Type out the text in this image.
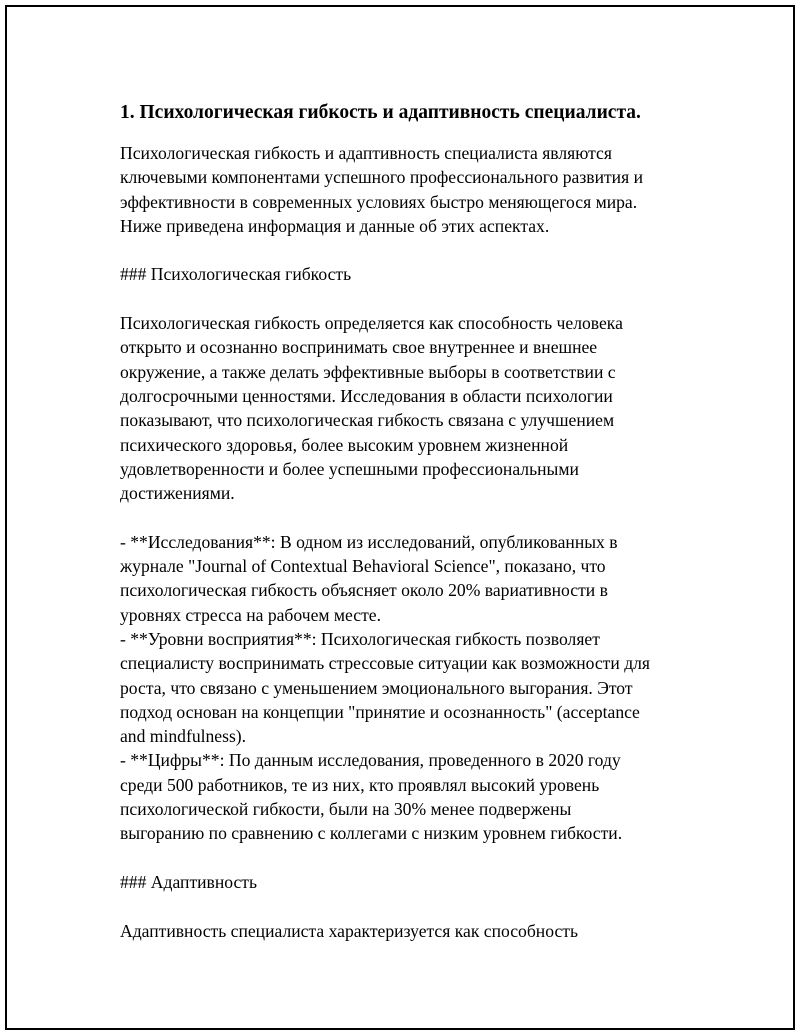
1. Психологическая гибкость и адаптивность специалиста.

Психологическая гибкость и адаптивность специалиста являются
ключевыми компонентами успешного профессионального развития и
эффективности в современных условиях быстро меняющегося мира.
Ниже приведена информация и данные об этих аспектах.

### Психологическая гибкость

Психологическая гибкость определяется как способность человека
открыто и осознанно воспринимать свое внутреннее и внешнее
окружение, а также делать эффективные выборы в соответствии с
долгосрочными ценностями. Исследования в области психологии
показывают, что психологическая гибкость связана с улучшением
психического здоровья, более высоким уровнем жизненной
удовлетворенности и более успешными профессиональными
достижениями.

- **Исследования**: В одном из исследований, опубликованных в
журнале "Journal of Contextual Behavioral Science", показано, что
психологическая гибкость объясняет около 20% вариативности в
уровнях стресса на рабочем месте.
- **Уровни восприятия**: Психологическая гибкость позволяет
специалисту воспринимать стрессовые ситуации как возможности для
роста, что связано с уменьшением эмоционального выгорания. Этот
подход основан на концепции "принятие и осознанность" (acceptance
and mindfulness).
- **Цифры**: По данным исследования, проведенного в 2020 году
среди 500 работников, те из них, кто проявлял высокий уровень
психологической гибкости, были на 30% менее подвержены
выгоранию по сравнению с коллегами с низким уровнем гибкости.

### Адаптивность

Адаптивность специалиста характеризуется как способность
